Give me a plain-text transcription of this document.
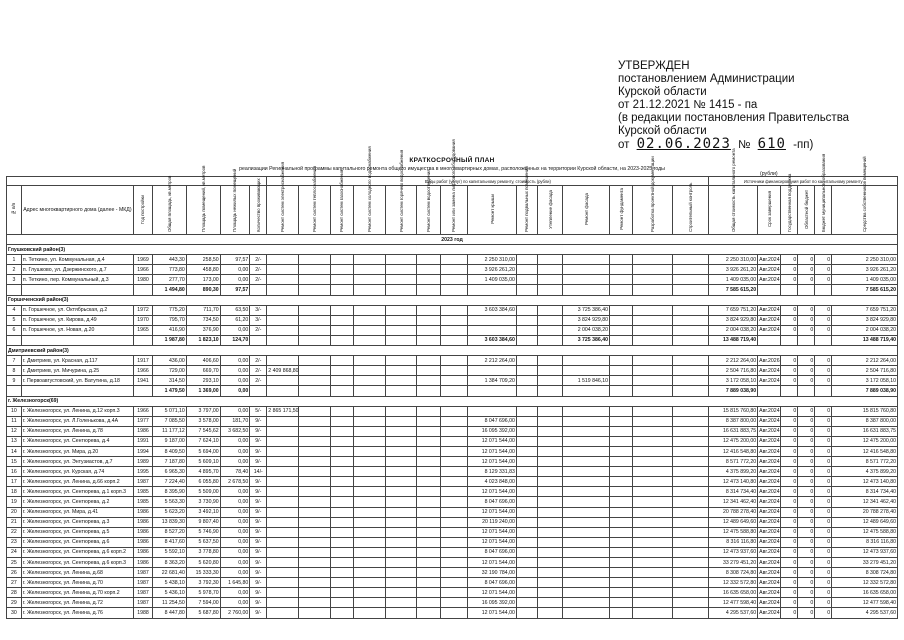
УТВЕРЖДЕН
постановлением Администрации
Курской области
от 21.12.2021 № 1415 - па
(в редакции постановления Правительства
Курской области
от 02.06.2023 № 610 -пп)
КРАТКОСРОЧНЫЙ ПЛАН
реализации Региональной программы капитального ремонта общего имущества в многоквартирных домах, расположенных на территории Курской области, на 2023-2025 годы
(рубли)
							Виды работ (услуг) по капитальному ремонту, стоимость (рубли)														Источники финансирования работ по капитальному ремонту					
№ п/п	Адрес многоквартирного дома (далее - МКД)	Год постройки	Общая площадь, кв.метров	Площадь помещений, кв.метров	Площадь нежилых помещений	Количество проживающих	Ремонт систем электроснабжения	Ремонт систем теплоснабжения	Ремонт систем газоснабжения	Ремонт систем холодного водоснабжения	Ремонт систем горячего водоснабжения	Ремонт систем водоотведения	Ремонт или замена лифтового оборудования	Ремонт крыши	Ремонт подвальных помещений	Утепление фасада	Ремонт фасада	Ремонт фундамента	Разработка проектной документации	Строительный контроль	Общая стоимость капитального ремонта	Срок завершения	Государственная поддержка	Областной бюджет	Бюджет муниципального образования	Средства собственников помещений
2023 год																										
Глушковский район(3)																										
1	п. Теткино, ул. Коммунальная, д.4	1969	443,30	258,50	97,57	2/-								2 250 310,00							2 250 310,00	Авг.2024	0	0	0	2 250 310,00
2	п. Глушково, ул. Дзержинского, д.7	1966	773,80	458,80	0,00	2/-								3 926 261,20							3 926 261,20	Авг.2024	0	0	0	3 926 261,20
3	п. Теткино, пер. Коммунальный, д.3	1980	277,70	173,00	0,00	2/-								1 409 035,00							1 409 035,00	Авг.2024	0	0	0	1 409 035,00
			1 494,80	890,30	97,57																7 585 615,20					7 585 615,20
Горшеченский район(3)																										
4	п. Горшечное, ул. Октябрьская, д.2	1972	775,20	711,70	63,50	3/-								3 603 384,60			3 725 386,40				7 659 751,20	Авг.2024	0	0	0	7 659 751,20
5	п. Горшечное, ул. Кирова, д.49	1970	795,70	734,50	61,20	3/-											3 824 929,80				3 824 929,80	Авг.2024	0	0	0	3 824 929,80
6	п. Горшечное, ул. Новая, д.20	1965	416,90	376,90	0,00	2/-											2 004 038,20				2 004 038,20	Авг.2024	0	0	0	2 004 038,20
			1 987,80	1 823,10	124,70									3 603 384,60			3 725 386,40				13 488 719,40					13 488 719,40
Дмитриевский район(3)																										
7	г. Дмитриев, ул. Красная, д.117	1917	436,00	406,60	0,00	2/-								2 212 264,00							2 212 264,00	Авг.2026	0	0	0	2 212 264,00
8	г. Дмитриев, ул. Мичурина, д.25	1966	729,00	669,70	0,00	2/-	2 409 868,80														2 504 716,80	Авг.2024	0	0	0	2 504 716,80
9	г. Первоавгустовский, ул. Ватутина, д.18	1941	314,50	293,10	0,00	2/-								1 384 709,20			1 519 846,10				3 172 058,10	Авг.2024	0	0	0	3 172 058,10
			1 479,50	1 369,00	0,00																7 889 038,90					7 889 038,90
г. Железногорск(69)																										
10	г. Железногорск, ул. Ленина, д.12 корп.3	1966	5 071,10	3 797,00	0,00	5/-	2 865 171,50														15 815 760,80	Авг.2024	0	0	0	15 815 760,80
11	г. Железногорск, ул. Л.Голенькова, д.4А	1977	7 085,50	3 578,00	181,70	9/-								8 047 696,00							8 387 800,00	Авг.2024	0	0	0	8 387 800,00
12	г. Железногорск, ул. Ленина, д.78	1986	11 177,12	7 545,62	3 682,50	9/-								16 095 392,00							16 631 883,75	Авг.2024	0	0	0	16 631 883,75
13	г. Железногорск, ул. Сентюрева, д.4	1991	9 187,00	7 624,10	0,00	9/-								12 071 544,00							12 475 200,00	Авг.2024	0	0	0	12 475 200,00
14	г. Железногорск, ул. Мира, д.20	1994	8 409,50	5 694,00	0,00	9/-								12 071 544,00							12 416 548,80	Авг.2024	0	0	0	12 416 548,80
15	г. Железногорск, ул. Энтузиастов, д.7	1989	7 187,80	5 609,10	0,00	9/-								12 071 544,00							8 571 772,20	Авг.2024	0	0	0	8 571 772,20
16	г. Железногорск, ул. Курская, д.74	1995	6 965,30	4 895,70	78,40	14/-								8 129 331,83							4 375 899,20	Авг.2024	0	0	0	4 375 899,20
17	г. Железногорск, ул. Ленина, д.66 корп.2	1987	7 224,40	6 055,80	2 678,50	9/-								4 023 848,00							12 473 140,80	Авг.2024	0	0	0	12 473 140,80
18	г. Железногорск, ул. Сентюрева, д.1 корп.3	1985	8 395,90	5 509,00	0,00	9/-								12 071 544,00							8 314 734,40	Авг.2024	0	0	0	8 314 734,40
19	г. Железногорск, ул. Сентюрева, д.2	1985	5 563,30	3 730,90	0,00	9/-								8 047 696,00							12 341 462,40	Авг.2024	0	0	0	12 341 462,40
20	г. Железногорск, ул. Мира, д.41	1986	5 623,20	3 492,10	0,00	9/-								12 071 544,00							20 788 278,40	Авг.2024	0	0	0	20 788 278,40
21	г. Железногорск, ул. Сентюрева, д.3	1986	13 839,30	9 807,40	0,00	9/-								20 119 240,00							12 489 649,60	Авг.2024	0	0	0	12 489 649,60
22	г. Железногорск, ул. Сентюрева, д.5	1986	8 527,20	5 746,90	0,00	9/-								12 071 544,00							12 475 588,80	Авг.2024	0	0	0	12 475 588,80
23	г. Железногорск, ул. Сентюрева, д.6	1986	8 417,60	5 637,50	0,00	9/-								12 071 544,00							8 316 116,80	Авг.2024	0	0	0	8 316 116,80
24	г. Железногорск, ул. Сентюрева, д.6 корп.2	1986	5 592,10	3 778,80	0,00	9/-								8 047 696,00							12 473 937,60	Авг.2024	0	0	0	12 473 937,60
25	г. Железногорск, ул. Сентюрева, д.6 корп.3	1986	8 363,20	5 620,80	0,00	9/-								12 071 544,00							33 279 451,20	Авг.2024	0	0	0	33 279 451,20
26	г. Железногорск, ул. Ленина, д.68	1987	22 681,40	15 333,30	0,00	9/-								32 190 784,00							8 308 724,80	Авг.2024	0	0	0	8 308 724,80
27	г. Железногорск, ул. Ленина, д.70	1987	5 438,10	3 792,30	1 645,80	9/-								8 047 696,00							12 332 572,80	Авг.2024	0	0	0	12 332 572,80
28	г. Железногорск, ул. Ленина, д.70 корп.2	1987	5 436,10	5 978,70	0,00	9/-								12 071 544,00							16 635 658,00	Авг.2024	0	0	0	16 635 658,00
29	г. Железногорск, ул. Ленина, д.72	1987	11 254,50	7 594,00	0,00	9/-								16 095 392,00							12 477 598,40	Авг.2024	0	0	0	12 477 598,40
30	г. Железногорск, ул. Ленина, д.76	1988	8 447,80	5 687,80	2 760,00	9/-								12 071 544,00							4 295 537,60	Авг.2024	0	0	0	4 295 537,60
